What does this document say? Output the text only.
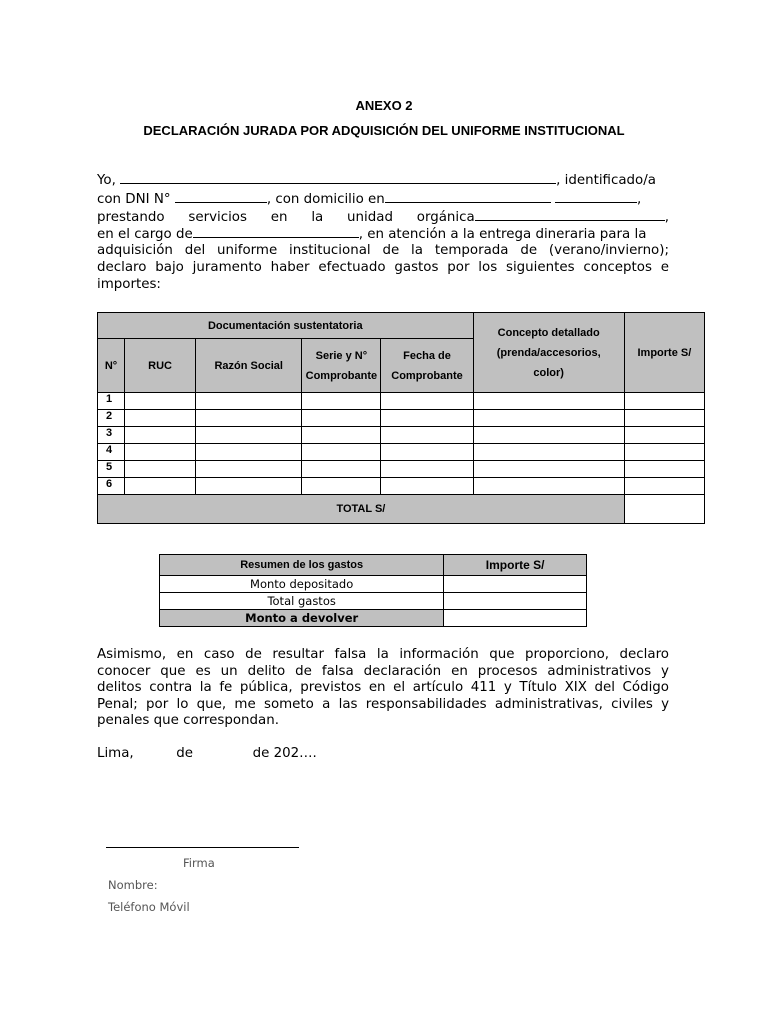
ANEXO 2
DECLARACIÓN JURADA POR ADQUISICIÓN DEL UNIFORME INSTITUCIONAL
Yo,	, identificado/a
con DNI N°	, con domicilio en	,
prestando servicios en la unidad orgánica	,
en el cargo de	, en atención a la entrega dineraria para la
adquisición del uniforme institucional de la temporada de (verano/invierno);
declaro bajo juramento haber efectuado gastos por los siguientes conceptos e
importes:
Documentación sustentatoria					Concepto detallado
(prenda/accesorios,
color)	Importe S/
N°	RUC	Razón Social	Serie y N°
Comprobante	Fecha de
Comprobante		
1						
2						
3						
4						
5						
6						
TOTAL S/						
Resumen de los gastos	Importe S/
Monto depositado	
Total gastos	
Monto a devolver	
Asimismo, en caso de resultar falsa la información que proporciono, declaro
conocer que es un delito de falsa declaración en procesos administrativos y
delitos contra la fe pública, previstos en el artículo 411 y Título XIX del Código
Penal; por lo que, me someto a las responsabilidades administrativas, civiles y
penales que correspondan.
Lima,          de              de 202….
Firma
Nombre:
Teléfono Móvil
